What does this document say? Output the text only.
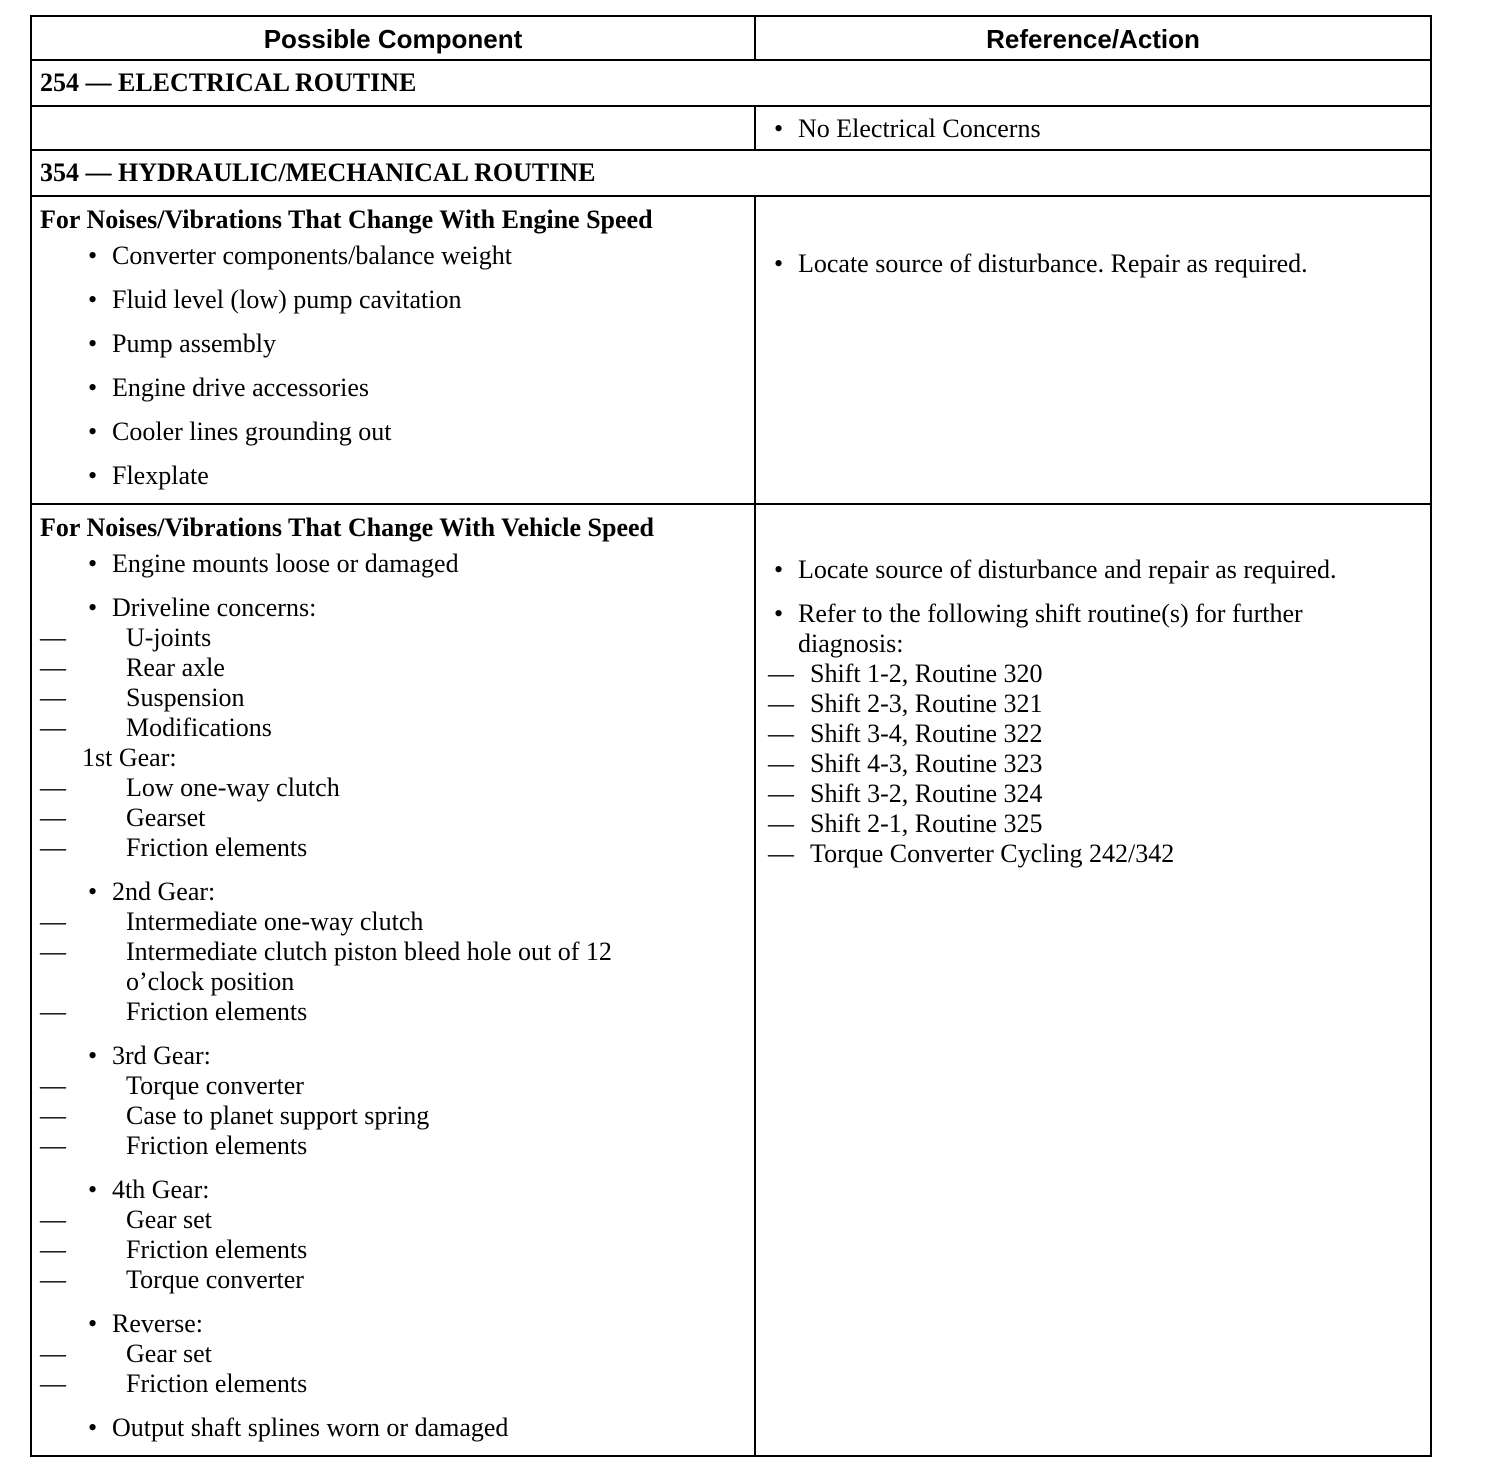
Possible Component	Reference/Action
254 — ELECTRICAL ROUTINE
• No Electrical Concerns
354 — HYDRAULIC/MECHANICAL ROUTINE
For Noises/Vibrations That Change With Engine Speed
• Converter components/balance weight
• Fluid level (low) pump cavitation
• Pump assembly
• Engine drive accessories
• Cooler lines grounding out
• Flexplate
• Locate source of disturbance. Repair as required.
For Noises/Vibrations That Change With Vehicle Speed
• Engine mounts loose or damaged
• Driveline concerns:
— U-joints
— Rear axle
— Suspension
— Modifications
1st Gear:
— Low one-way clutch
— Gearset
— Friction elements
• 2nd Gear:
— Intermediate one-way clutch
— Intermediate clutch piston bleed hole out of 12 o’clock position
— Friction elements
• 3rd Gear:
— Torque converter
— Case to planet support spring
— Friction elements
• 4th Gear:
— Gear set
— Friction elements
— Torque converter
• Reverse:
— Gear set
— Friction elements
• Output shaft splines worn or damaged
• Locate source of disturbance and repair as required.
• Refer to the following shift routine(s) for further diagnosis:
— Shift 1-2, Routine 320
— Shift 2-3, Routine 321
— Shift 3-4, Routine 322
— Shift 4-3, Routine 323
— Shift 3-2, Routine 324
— Shift 2-1, Routine 325
— Torque Converter Cycling 242/342
